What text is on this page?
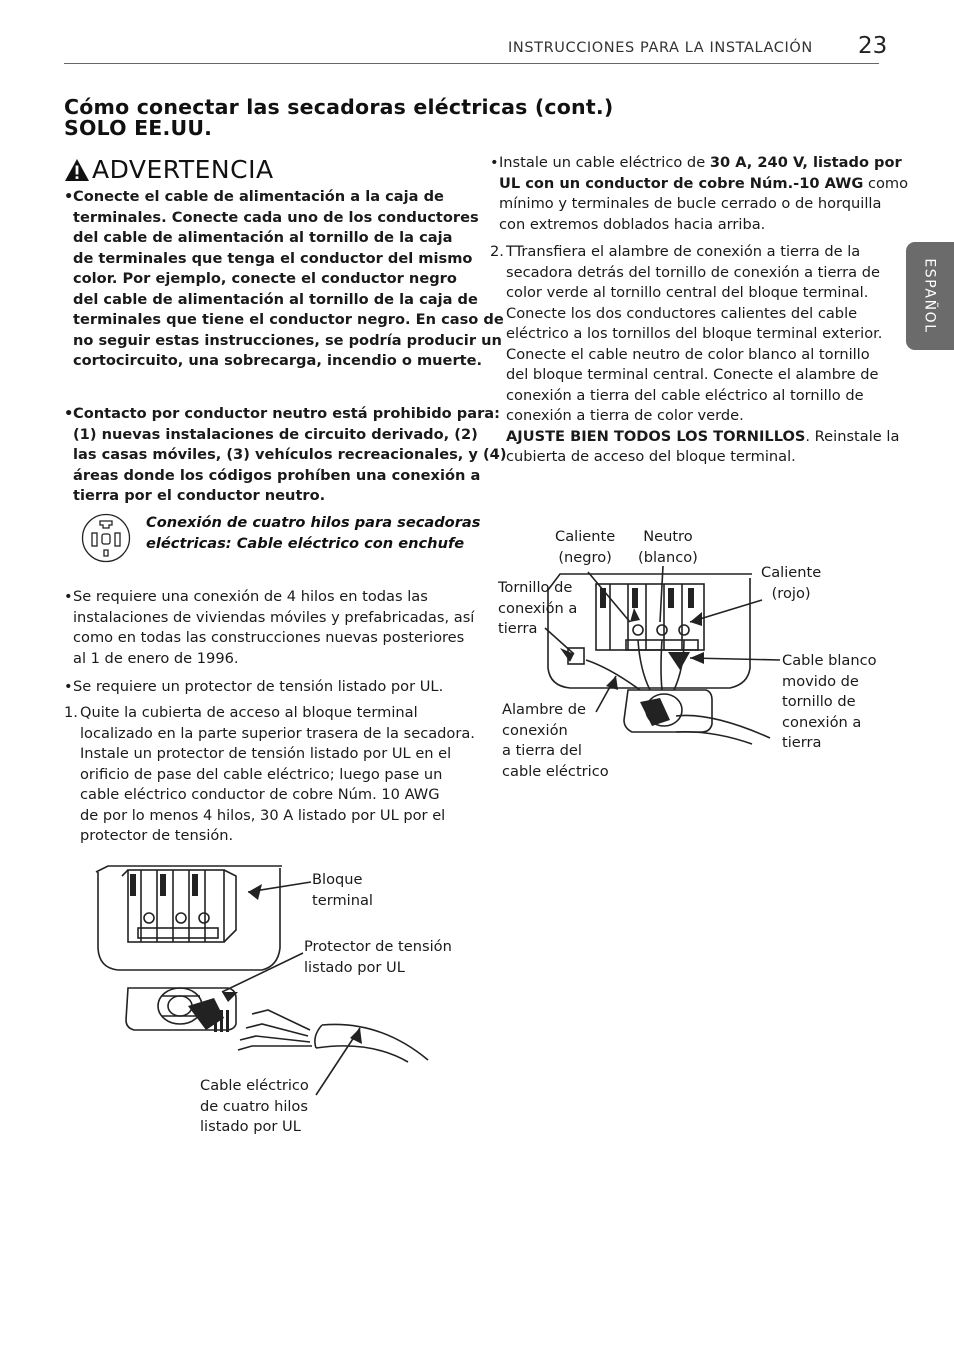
INSTRUCCIONES PARA LA INSTALACIÓN 23
ESPAÑOL
Cómo conectar las secadoras eléctricas (cont.)
SOLO EE.UU.
ADVERTENCIA
• Conecte el cable de alimentación a la caja de
terminales. Conecte cada uno de los conductores
del cable de alimentación al tornillo de la caja
de terminales que tenga el conductor del mismo
color. Por ejemplo, conecte el conductor negro
del cable de alimentación al tornillo de la caja de
terminales que tiene el conductor negro. En caso de
no seguir estas instrucciones, se podría producir un
cortocircuito, una sobrecarga, incendio o muerte.
• Contacto por conductor neutro está prohibido para:
(1) nuevas instalaciones de circuito derivado, (2)
las casas móviles, (3) vehículos recreacionales, y (4)
áreas donde los códigos prohíben una conexión a
tierra por el conductor neutro.
Conexión de cuatro hilos para secadoras
eléctricas: Cable eléctrico con enchufe
• Se requiere una conexión de 4 hilos en todas las
instalaciones de viviendas móviles y prefabricadas, así
como en todas las construcciones nuevas posteriores
al 1 de enero de 1996.
• Se requiere un protector de tensión listado por UL.
1. Quite la cubierta de acceso al bloque terminal
localizado en la parte superior trasera de la secadora.
Instale un protector de tensión listado por UL en el
orificio de pase del cable eléctrico; luego pase un
cable eléctrico conductor de cobre Núm. 10 AWG
de por lo menos 4 hilos, 30 A listado por UL por el
protector de tensión.
• Instale un cable eléctrico de 30 A, 240 V, listado por
UL con un conductor de cobre Núm.-10 AWG como
mínimo y terminales de bucle cerrado o de horquilla
con extremos doblados hacia arriba.
2. TTransfiera el alambre de conexión a tierra de la
secadora detrás del tornillo de conexión a tierra de
color verde al tornillo central del bloque terminal.
Conecte los dos conductores calientes del cable
eléctrico a los tornillos del bloque terminal exterior.
Conecte el cable neutro de color blanco al tornillo
del bloque terminal central. Conecte el alambre de
conexión a tierra del cable eléctrico al tornillo de
conexión a tierra de color verde.
AJUSTE BIEN TODOS LOS TORNILLOS. Reinstale la
cubierta de acceso del bloque terminal.
Bloque
terminal
Protector de tensión
listado por UL
Cable eléctrico
de cuatro hilos
listado por UL
Caliente
(negro)
Neutro
(blanco)
Caliente
(rojo)
Tornillo de
conexión a
tierra
Cable blanco
movido de
tornillo de
conexión a
tierra
Alambre de
conexión
a tierra del
cable eléctrico
